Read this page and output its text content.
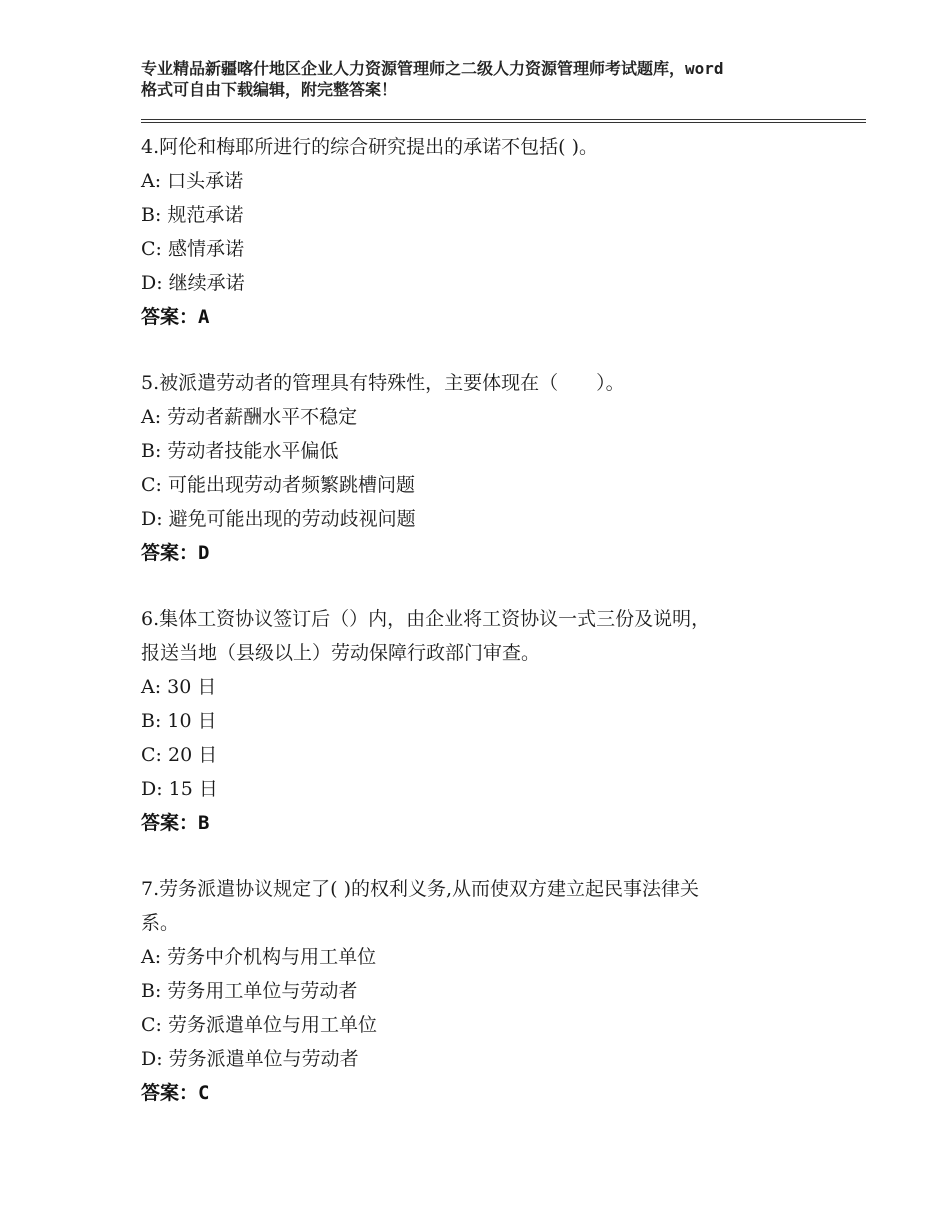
专业精品新疆喀什地区企业人力资源管理师之二级人力资源管理师考试题库，word
格式可自由下载编辑，附完整答案！

4.阿伦和梅耶所进行的综合研究提出的承诺不包括( )。

A: 口头承诺

B: 规范承诺

C: 感情承诺

D: 继续承诺

答案：A

5.被派遣劳动者的管理具有特殊性，主要体现在（　　）。

A: 劳动者薪酬水平不稳定

B: 劳动者技能水平偏低

C: 可能出现劳动者频繁跳槽问题

D: 避免可能出现的劳动歧视问题

答案：D

6.集体工资协议签订后（）内，由企业将工资协议一式三份及说明，

报送当地（县级以上）劳动保障行政部门审查。

A: 30 日

B: 10 日

C: 20 日

D: 15 日

答案：B

7.劳务派遣协议规定了( )的权利义务,从而使双方建立起民事法律关

系。

A: 劳务中介机构与用工单位

B: 劳务用工单位与劳动者

C: 劳务派遣单位与用工单位

D: 劳务派遣单位与劳动者

答案：C
